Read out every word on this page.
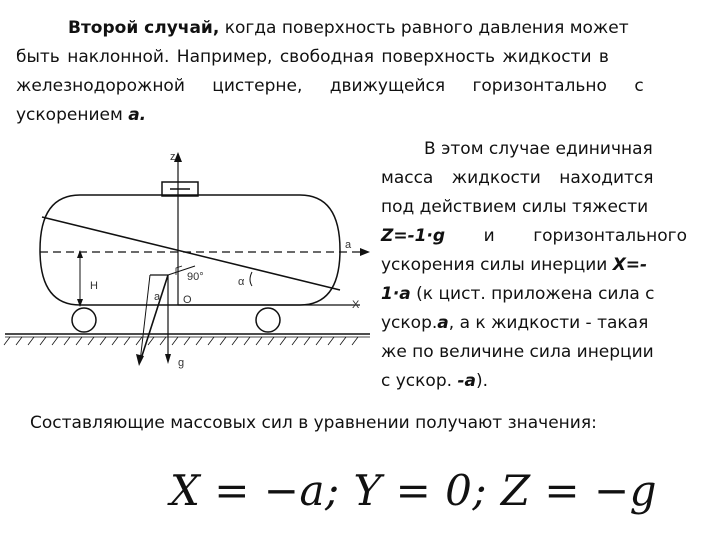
Второй случай, когда поверхность равного давления может
быть наклонной. Например, свободная поверхность жидкости в
железнодорожной цистерне, движущейся горизонтально с
ускорением а.
В этом случае единичная
масса жидкости находится
под действием силы тяжести
Z=-1·g и горизонтального
ускорения силы инерции X=-
1·a (к цист. приложена сила с
ускор.a, а к жидкости - такая
же по величине сила инерции
с ускор. -a).
z
a
H
a
90°	α
O	X
g
Составляющие массовых сил в уравнении получают значения:
X = −a; Y = 0; Z = −g
